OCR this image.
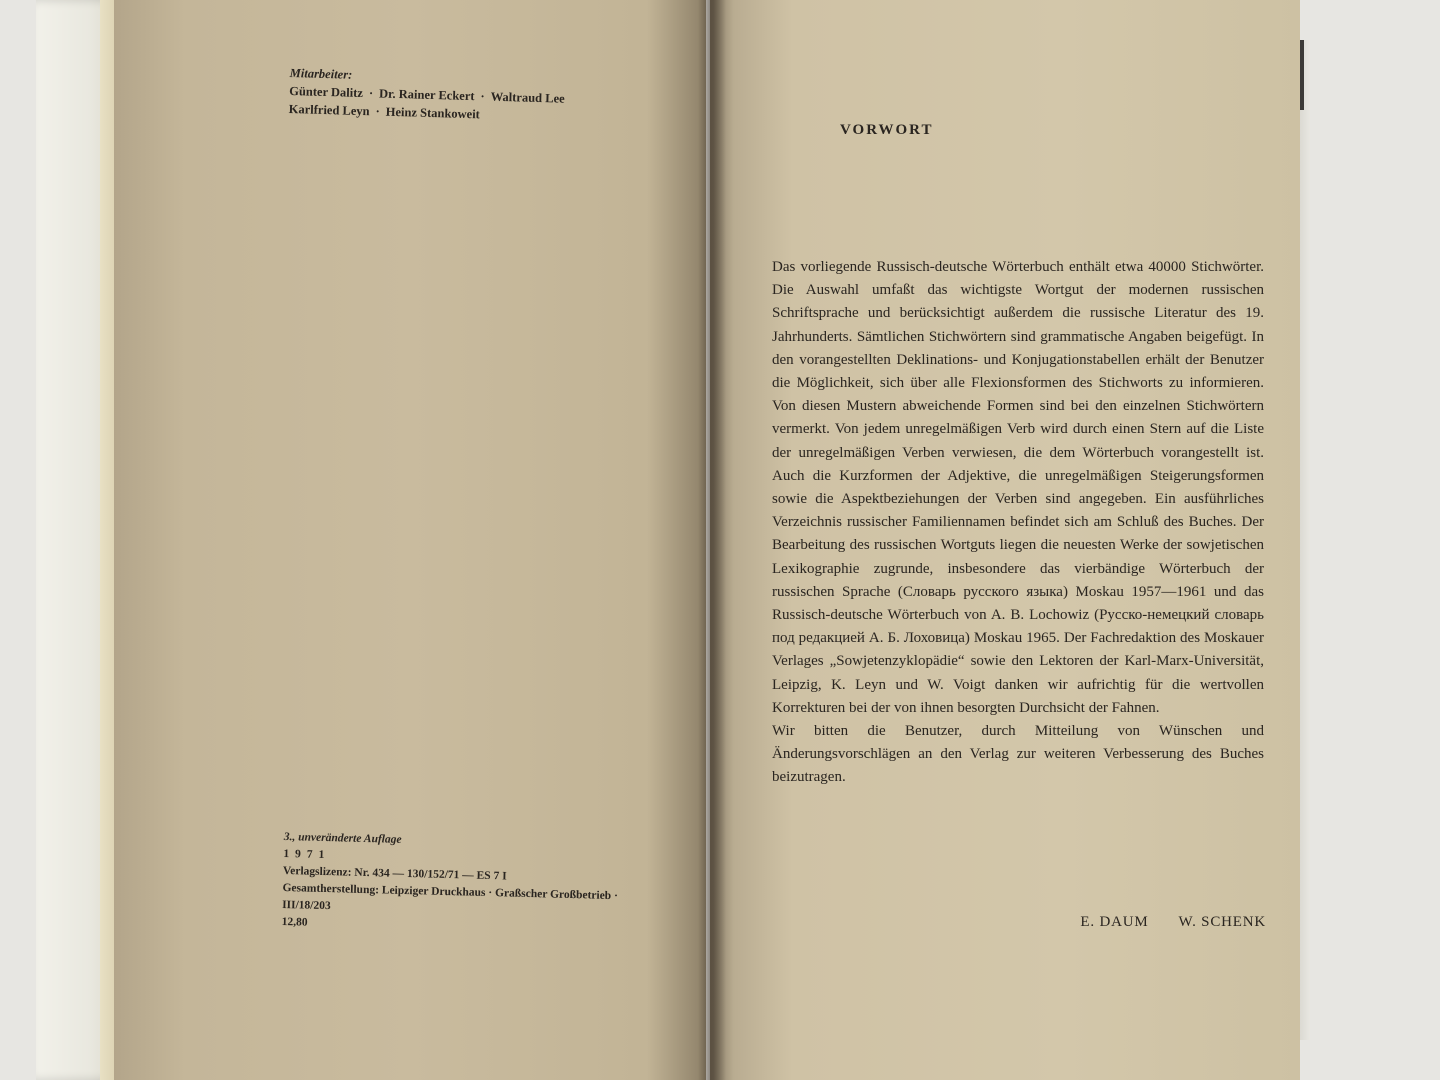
Mitarbeiter:
Günter Dalitz · Dr. Rainer Eckert · Waltraud Lee
Karlfried Leyn · Heinz Stankoweit
3., unveränderte Auflage
1971
Verlagslizenz: Nr. 434 — 130/152/71 — ES 7 I
Gesamtherstellung: Leipziger Druckhaus · Graßscher Großbetrieb ·
III/18/203
12,80
VORWORT

Das vorliegende Russisch-deutsche Wörterbuch enthält etwa 40000 Stichwörter. Die Auswahl umfaßt das wichtigste Wortgut der modernen russischen Schriftsprache und berücksichtigt außerdem die russische Literatur des 19. Jahrhunderts. Sämtlichen Stichwörtern sind grammatische Angaben beigefügt. In den vorangestellten Deklinations- und Konjugationstabellen erhält der Benutzer die Möglichkeit, sich über alle Flexionsformen des Stichworts zu informieren. Von diesen Mustern abweichende Formen sind bei den einzelnen Stichwörtern vermerkt. Von jedem unregelmäßigen Verb wird durch einen Stern auf die Liste der unregelmäßigen Verben verwiesen, die dem Wörterbuch vorangestellt ist. Auch die Kurzformen der Adjektive, die unregelmäßigen Steigerungsformen sowie die Aspektbeziehungen der Verben sind angegeben. Ein ausführliches Verzeichnis russischer Familiennamen befindet sich am Schluß des Buches. Der Bearbeitung des russischen Wortguts liegen die neuesten Werke der sowjetischen Lexikographie zugrunde, insbesondere das vierbändige Wörterbuch der russischen Sprache (Словарь русского языка) Moskau 1957—1961 und das Russisch-deutsche Wörterbuch von A. B. Lochowiz (Русско-немецкий словарь под редакцией А. Б. Лоховица) Moskau 1965. Der Fachredaktion des Moskauer Verlages „Sowjetenzyklopädie“ sowie den Lektoren der Karl-Marx-Universität, Leipzig, K. Leyn und W. Voigt danken wir aufrichtig für die wertvollen Korrekturen bei der von ihnen besorgten Durchsicht der Fahnen.

Wir bitten die Benutzer, durch Mitteilung von Wünschen und Änderungsvorschlägen an den Verlag zur weiteren Verbesserung des Buches beizutragen.

E. DAUM W. SCHENK
